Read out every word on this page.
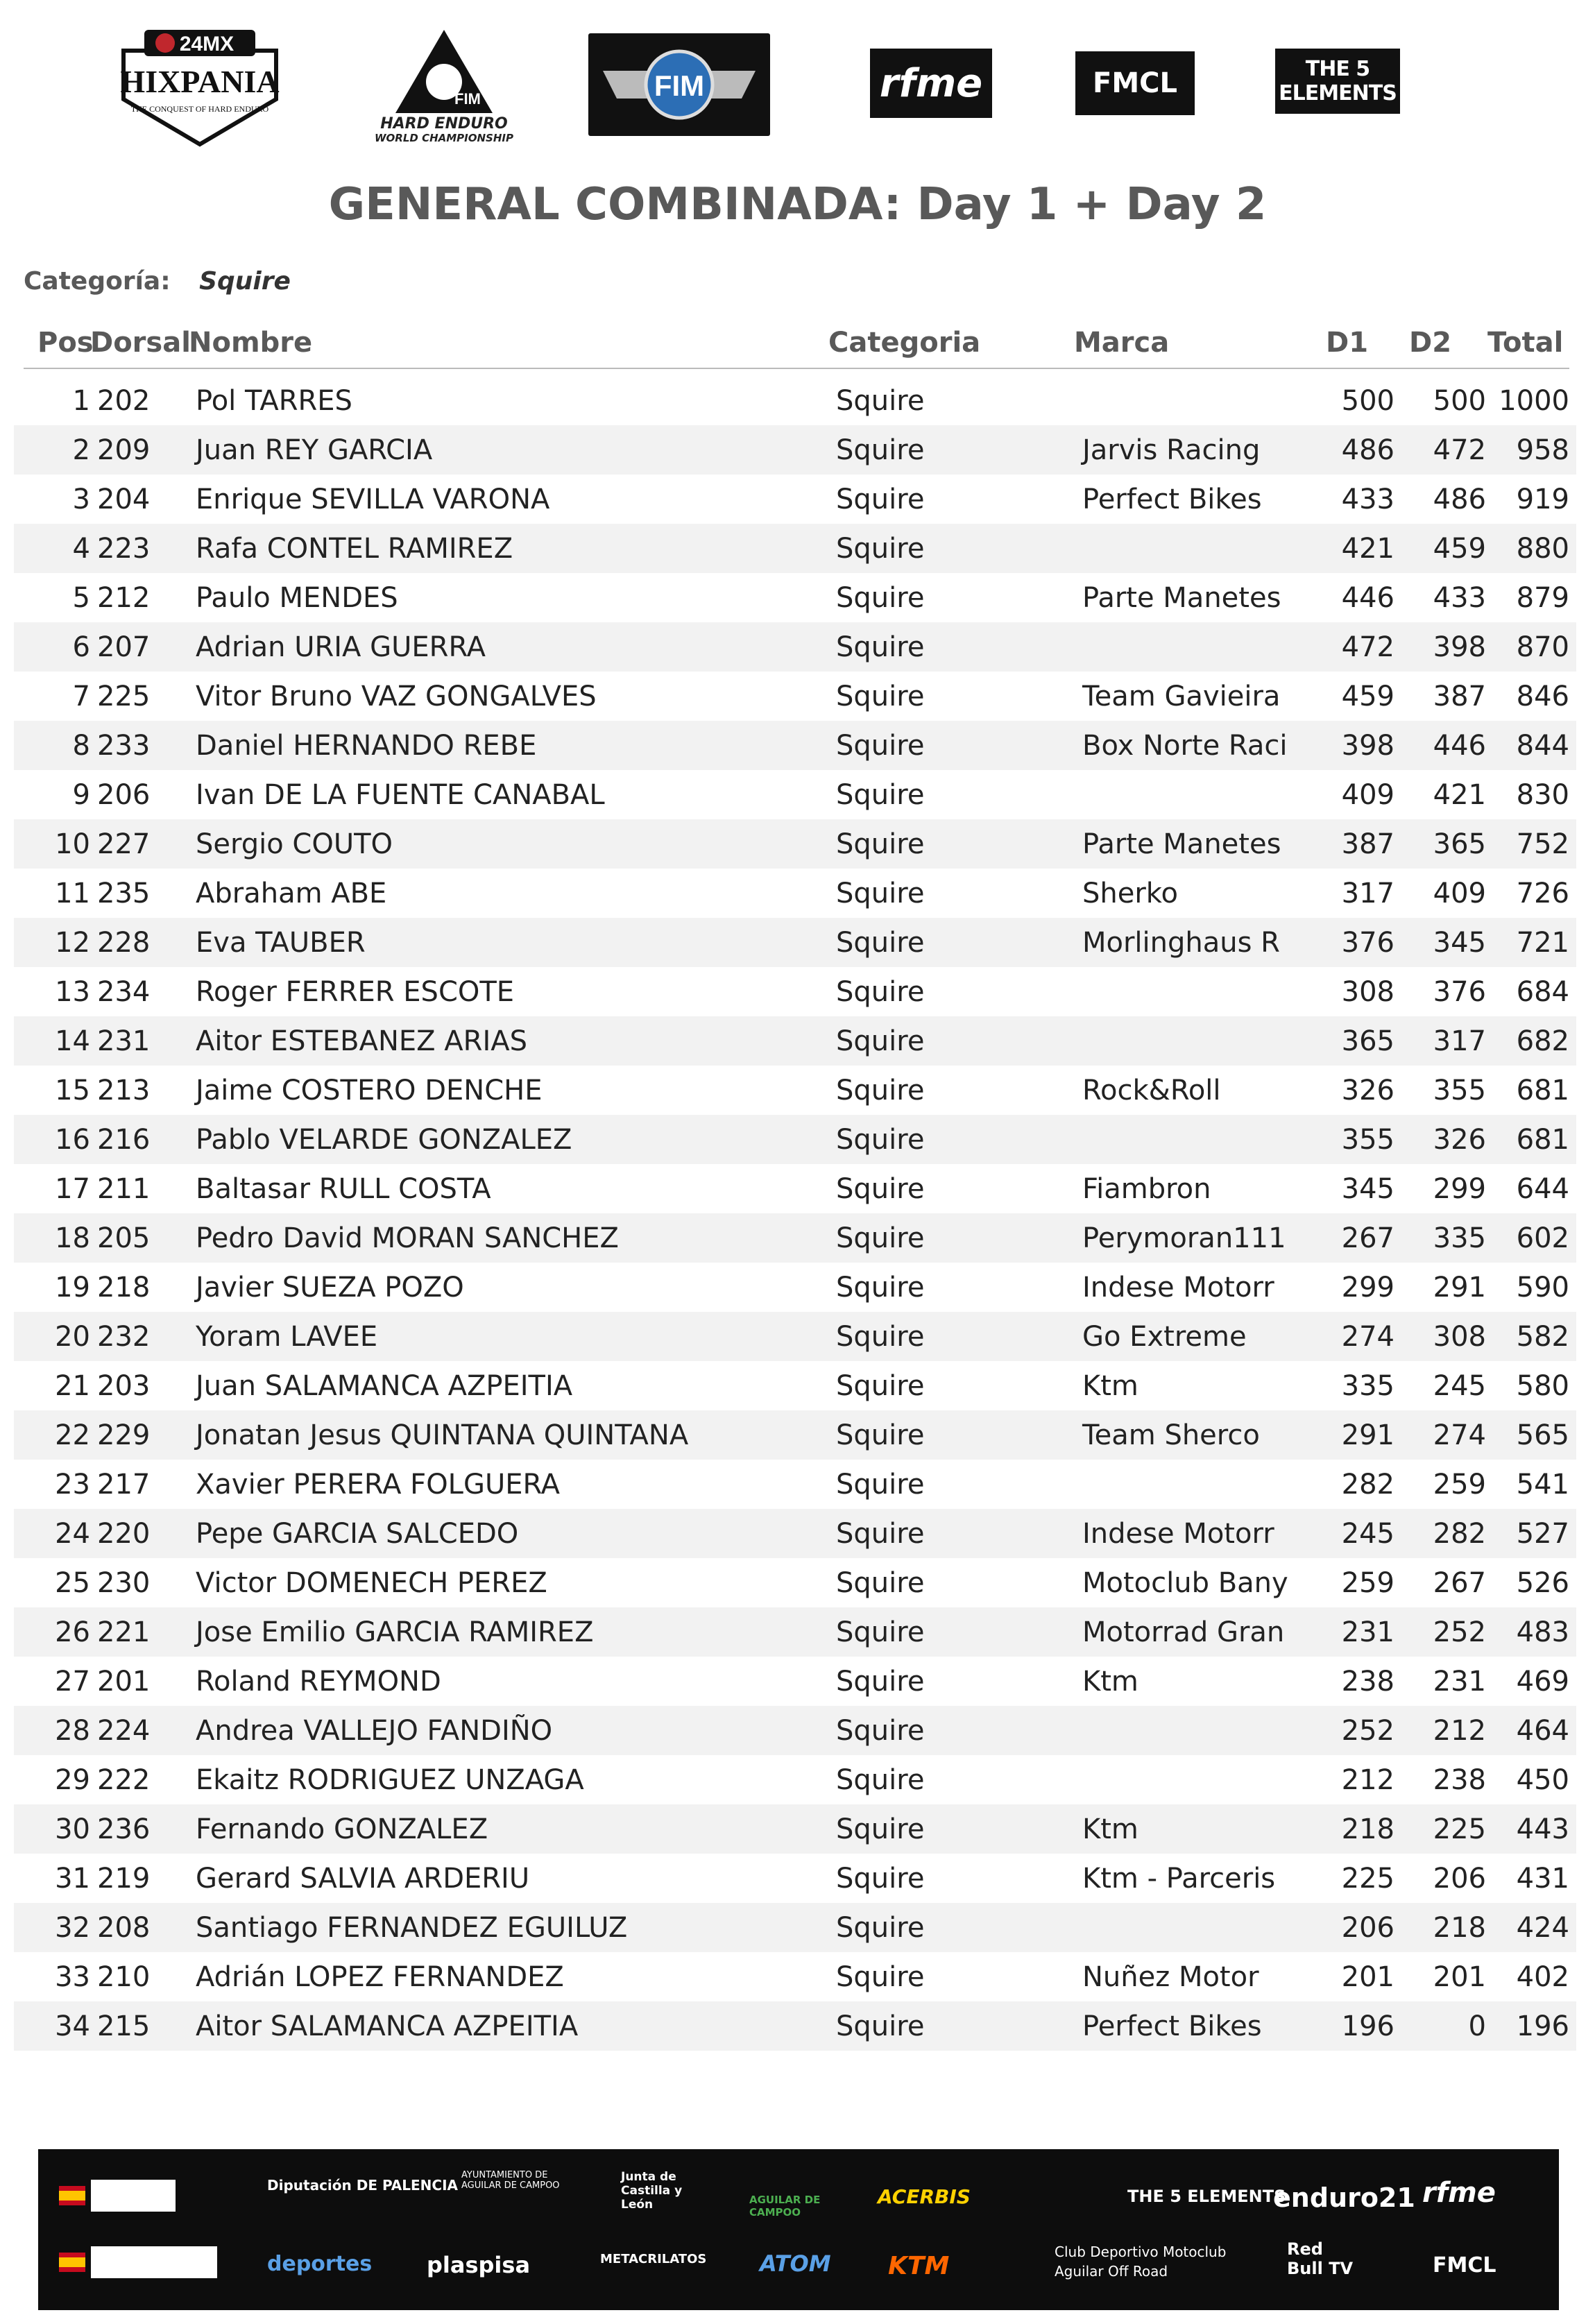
24MX
HIXPANIA
THE CONQUEST OF HARD ENDURO
FIM
HARD ENDURO
WORLD CHAMPIONSHIP
FIM	rfme	FMCL	THE 5 ELEMENTS
GENERAL COMBINADA: Day 1 + Day 2
Categoría: Squire
Pos
Dorsal
Nombre	Categoria	Marca	D1 D2 Total
1 202 Pol TARRES	Squire	500 500 1000
2 209 Juan REY GARCIA	Squire	Jarvis Racing	486 472 958
3 204 Enrique SEVILLA VARONA	Squire	Perfect Bikes	433 486 919
4 223 Rafa CONTEL RAMIREZ	Squire	421 459 880
5 212 Paulo MENDES	Squire	Parte Manetes 446 433 879
6 207 Adrian URIA GUERRA	Squire	472 398 870
7 225 Vitor Bruno VAZ GONGALVES	Squire	Team Gavieira 459 387 846
8 233 Daniel HERNANDO REBE	Squire	Box Norte Raci 398 446 844
9 206 Ivan DE LA FUENTE CANABAL	Squire	409 421 830
10 227 Sergio COUTO	Squire	Parte Manetes 387 365 752
11 235 Abraham ABE	Squire	Sherko	317 409 726
12 228 Eva TAUBER	Squire	Morlinghaus R 376 345 721
13 234 Roger FERRER ESCOTE	Squire	308 376 684
14 231 Aitor ESTEBANEZ ARIAS	Squire	365 317 682
15 213 Jaime COSTERO DENCHE	Squire	Rock&Roll	326 355 681
16 216 Pablo VELARDE GONZALEZ	Squire	355 326 681
17 211 Baltasar RULL COSTA	Squire	Fiambron	345 299 644
18 205 Pedro David MORAN SANCHEZ	Squire	Perymoran111 267 335 602
19 218 Javier SUEZA POZO	Squire	Indese Motorr 299 291 590
20 232 Yoram LAVEE	Squire	Go Extreme	274 308 582
21 203 Juan SALAMANCA AZPEITIA	Squire	Ktm	335 245 580
22 229 Jonatan Jesus QUINTANA QUINTANA	Squire	Team Sherco	291 274 565
23 217 Xavier PERERA FOLGUERA	Squire	282 259 541
24 220 Pepe GARCIA SALCEDO	Squire	Indese Motorr 245 282 527
25 230 Victor DOMENECH PEREZ	Squire	Motoclub Bany 259 267 526
26 221 Jose Emilio GARCIA RAMIREZ	Squire	Motorrad Gran 231 252 483
27 201 Roland REYMOND	Squire	Ktm	238 231 469
28 224 Andrea VALLEJO FANDIÑO	Squire	252 212 464
29 222 Ekaitz RODRIGUEZ UNZAGA	Squire	212 238 450
30 236 Fernando GONZALEZ	Squire	Ktm	218 225 443
31 219 Gerard SALVIA ARDERIU	Squire	Ktm - Parceris 225 206 431
32 208 Santiago FERNANDEZ EGUILUZ	Squire	206 218 424
33 210 Adrián LOPEZ FERNANDEZ	Squire	Nuñez Motor	201 201 402
34 215 Aitor SALAMANCA AZPEITIA	Squire	Perfect Bikes	196	0 196
Diputación DE PALENCIA
AYUNTAMIENTO DE AGUILAR DE CAMPOO
Junta de Castilla y León	AGUILAR DE CAMPOO
ACERBIS	THE 5 ELEMENTS
enduro21 rfme
deportes plaspisa	METACRILATOS ATOM KTM	Club Deportivo Motoclub
Aguilar Off Road
Red Bull TV	FMCL
